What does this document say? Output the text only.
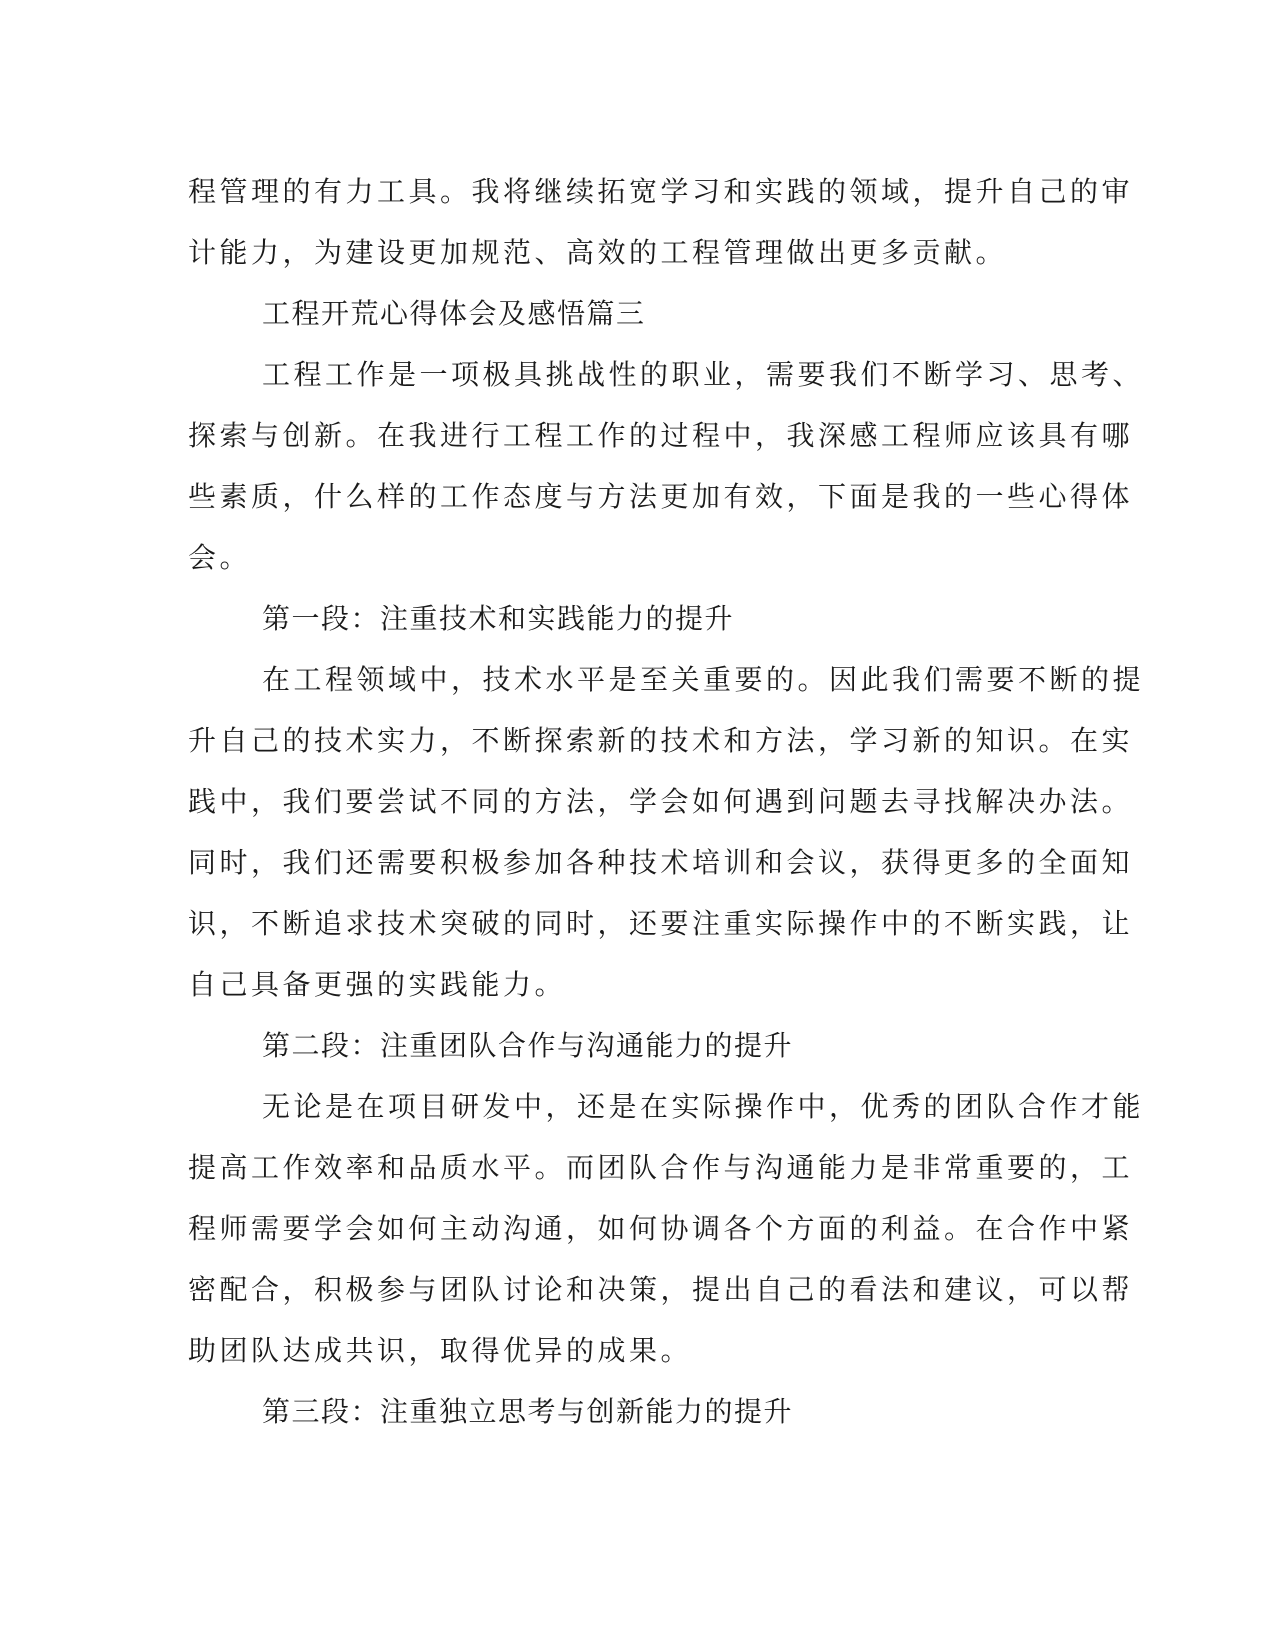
程管理的有力工具。我将继续拓宽学习和实践的领域，提升自己的审
计能力，为建设更加规范、高效的工程管理做出更多贡献。
工程开荒心得体会及感悟篇三
工程工作是一项极具挑战性的职业，需要我们不断学习、思考、
探索与创新。在我进行工程工作的过程中，我深感工程师应该具有哪
些素质，什么样的工作态度与方法更加有效，下面是我的一些心得体
会。
第一段：注重技术和实践能力的提升
在工程领域中，技术水平是至关重要的。因此我们需要不断的提
升自己的技术实力，不断探索新的技术和方法，学习新的知识。在实
践中，我们要尝试不同的方法，学会如何遇到问题去寻找解决办法。
同时，我们还需要积极参加各种技术培训和会议，获得更多的全面知
识，不断追求技术突破的同时，还要注重实际操作中的不断实践，让
自己具备更强的实践能力。
第二段：注重团队合作与沟通能力的提升
无论是在项目研发中，还是在实际操作中，优秀的团队合作才能
提高工作效率和品质水平。而团队合作与沟通能力是非常重要的，工
程师需要学会如何主动沟通，如何协调各个方面的利益。在合作中紧
密配合，积极参与团队讨论和决策，提出自己的看法和建议，可以帮
助团队达成共识，取得优异的成果。
第三段：注重独立思考与创新能力的提升
